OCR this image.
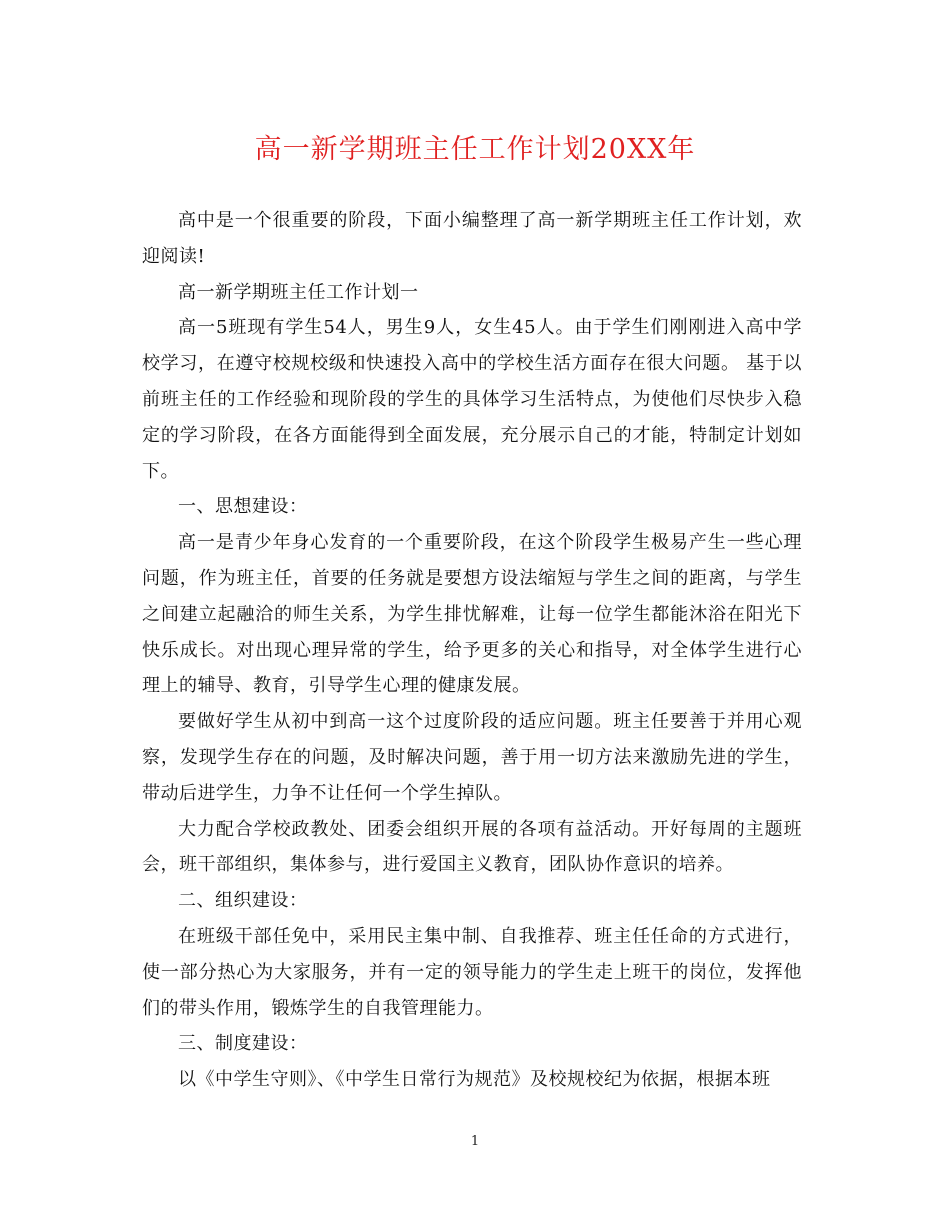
高一新学期班主任工作计划20XX年

高中是一个很重要的阶段，下面小编整理了高一新学期班主任工作计划，欢迎阅读!

高一新学期班主任工作计划一

高一5班现有学生54人，男生9人，女生45人。由于学生们刚刚进入高中学校学习，在遵守校规校级和快速投入高中的学校生活方面存在很大问题。 基于以前班主任的工作经验和现阶段的学生的具体学习生活特点，为使他们尽快步入稳定的学习阶段，在各方面能得到全面发展，充分展示自己的才能，特制定计划如下。

一、思想建设：

高一是青少年身心发育的一个重要阶段，在这个阶段学生极易产生一些心理问题，作为班主任，首要的任务就是要想方设法缩短与学生之间的距离，与学生之间建立起融洽的师生关系，为学生排忧解难，让每一位学生都能沐浴在阳光下快乐成长。对出现心理异常的学生，给予更多的关心和指导，对全体学生进行心理上的辅导、教育，引导学生心理的健康发展。

要做好学生从初中到高一这个过度阶段的适应问题。班主任要善于并用心观察，发现学生存在的问题，及时解决问题，善于用一切方法来激励先进的学生，带动后进学生，力争不让任何一个学生掉队。

大力配合学校政教处、团委会组织开展的各项有益活动。开好每周的主题班会，班干部组织，集体参与，进行爱国主义教育，团队协作意识的培养。

二、组织建设：

在班级干部任免中，采用民主集中制、自我推荐、班主任任命的方式进行，使一部分热心为大家服务，并有一定的领导能力的学生走上班干的岗位，发挥他们的带头作用，锻炼学生的自我管理能力。

三、制度建设：

以《中学生守则》、《中学生日常行为规范》及校规校纪为依据，根据本班

1
